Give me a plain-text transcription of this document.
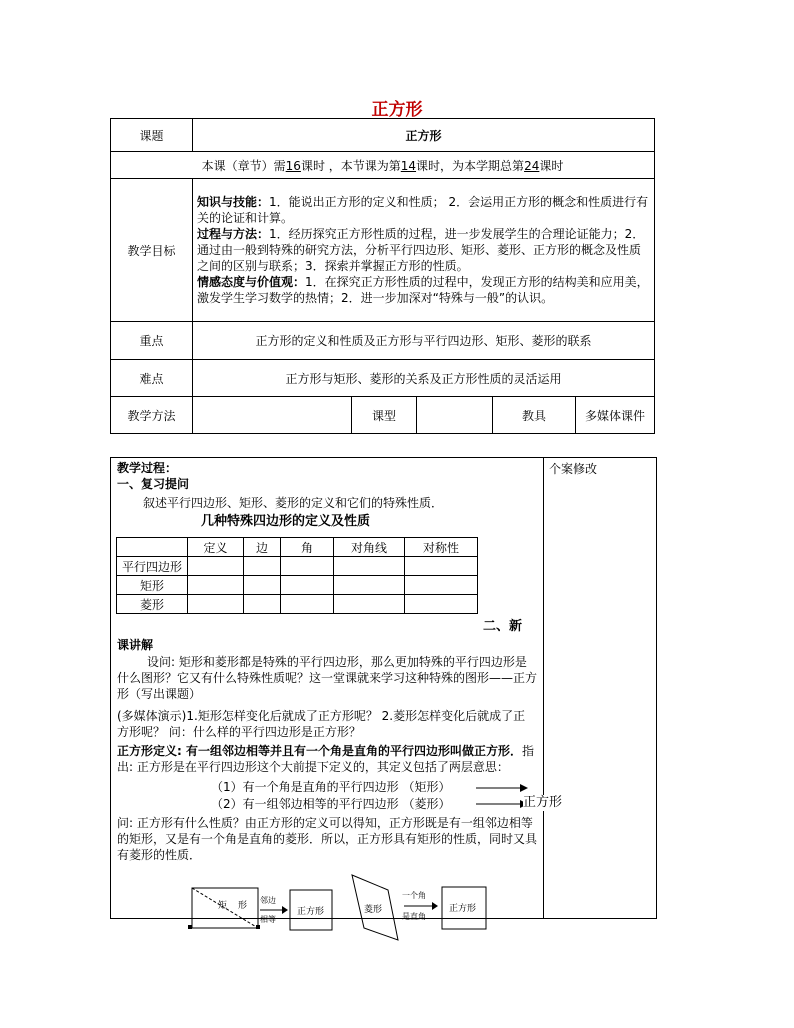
正方形
课题	正方形				
本课（章节）需16课时 ，本节课为第14课时，为本学期总第24课时					
教学目标	知识与技能：1．能说出正方形的定义和性质； 2．会运用正方形的概念和性质进行有关的论证和计算。
过程与方法：1．经历探究正方形性质的过程，进一步发展学生的合理论证能力；2．通过由一般到特殊的研究方法，分析平行四边形、矩形、菱形、正方形的概念及性质之间的区别与联系；3．探索并掌握正方形的性质。
情感态度与价值观：1．在探究正方形性质的过程中，发现正方形的结构美和应用美，激发学生学习数学的热情；2．进一步加深对“特殊与一般”的认识。				

重点	正方形的定义和性质及正方形与平行四边形、矩形、菱形的联系				
难点	正方形与矩形、菱形的关系及正方形性质的灵活运用				
教学方法		课型		教具	多媒体课件
个案修改
教学过程：
一、复习提问
叙述平行四边形、矩形、菱形的定义和它们的特殊性质．
几种特殊四边形的定义及性质
二、新
课讲解
设问: 矩形和菱形都是特殊的平行四边形，那么更加特殊的平行四边形是什么图形？它又有什么特殊性质呢？这一堂课就来学习这种特殊的图形——正方形（写出课题）
(多媒体演示)1.矩形怎样变化后就成了正方形呢？ 2.菱形怎样变化后就成了正方形呢？ 问：什么样的平行四边形是正方形？
正方形定义: 有一组邻边相等并且有一个角是直角的平行四边形叫做正方形．指出: 正方形是在平行四边形这个大前提下定义的，其定义包括了两层意思：
（1）有一个角是直角的平行四边形 （矩形）
（2）有一组邻边相等的平行四边形 （菱形）	正方形
问: 正方形有什么性质？由正方形的定义可以得知，正方形既是有一组邻边相等的矩形，又是有一个角是直角的菱形．所以，正方形具有矩形的性质，同时又具有菱形的性质．
	定义	边	角	对角线	对称性
平行四边形					
矩形					
菱形					
矩 形
邻边
相等
正方形	菱形
一个角
是直角
正方形
